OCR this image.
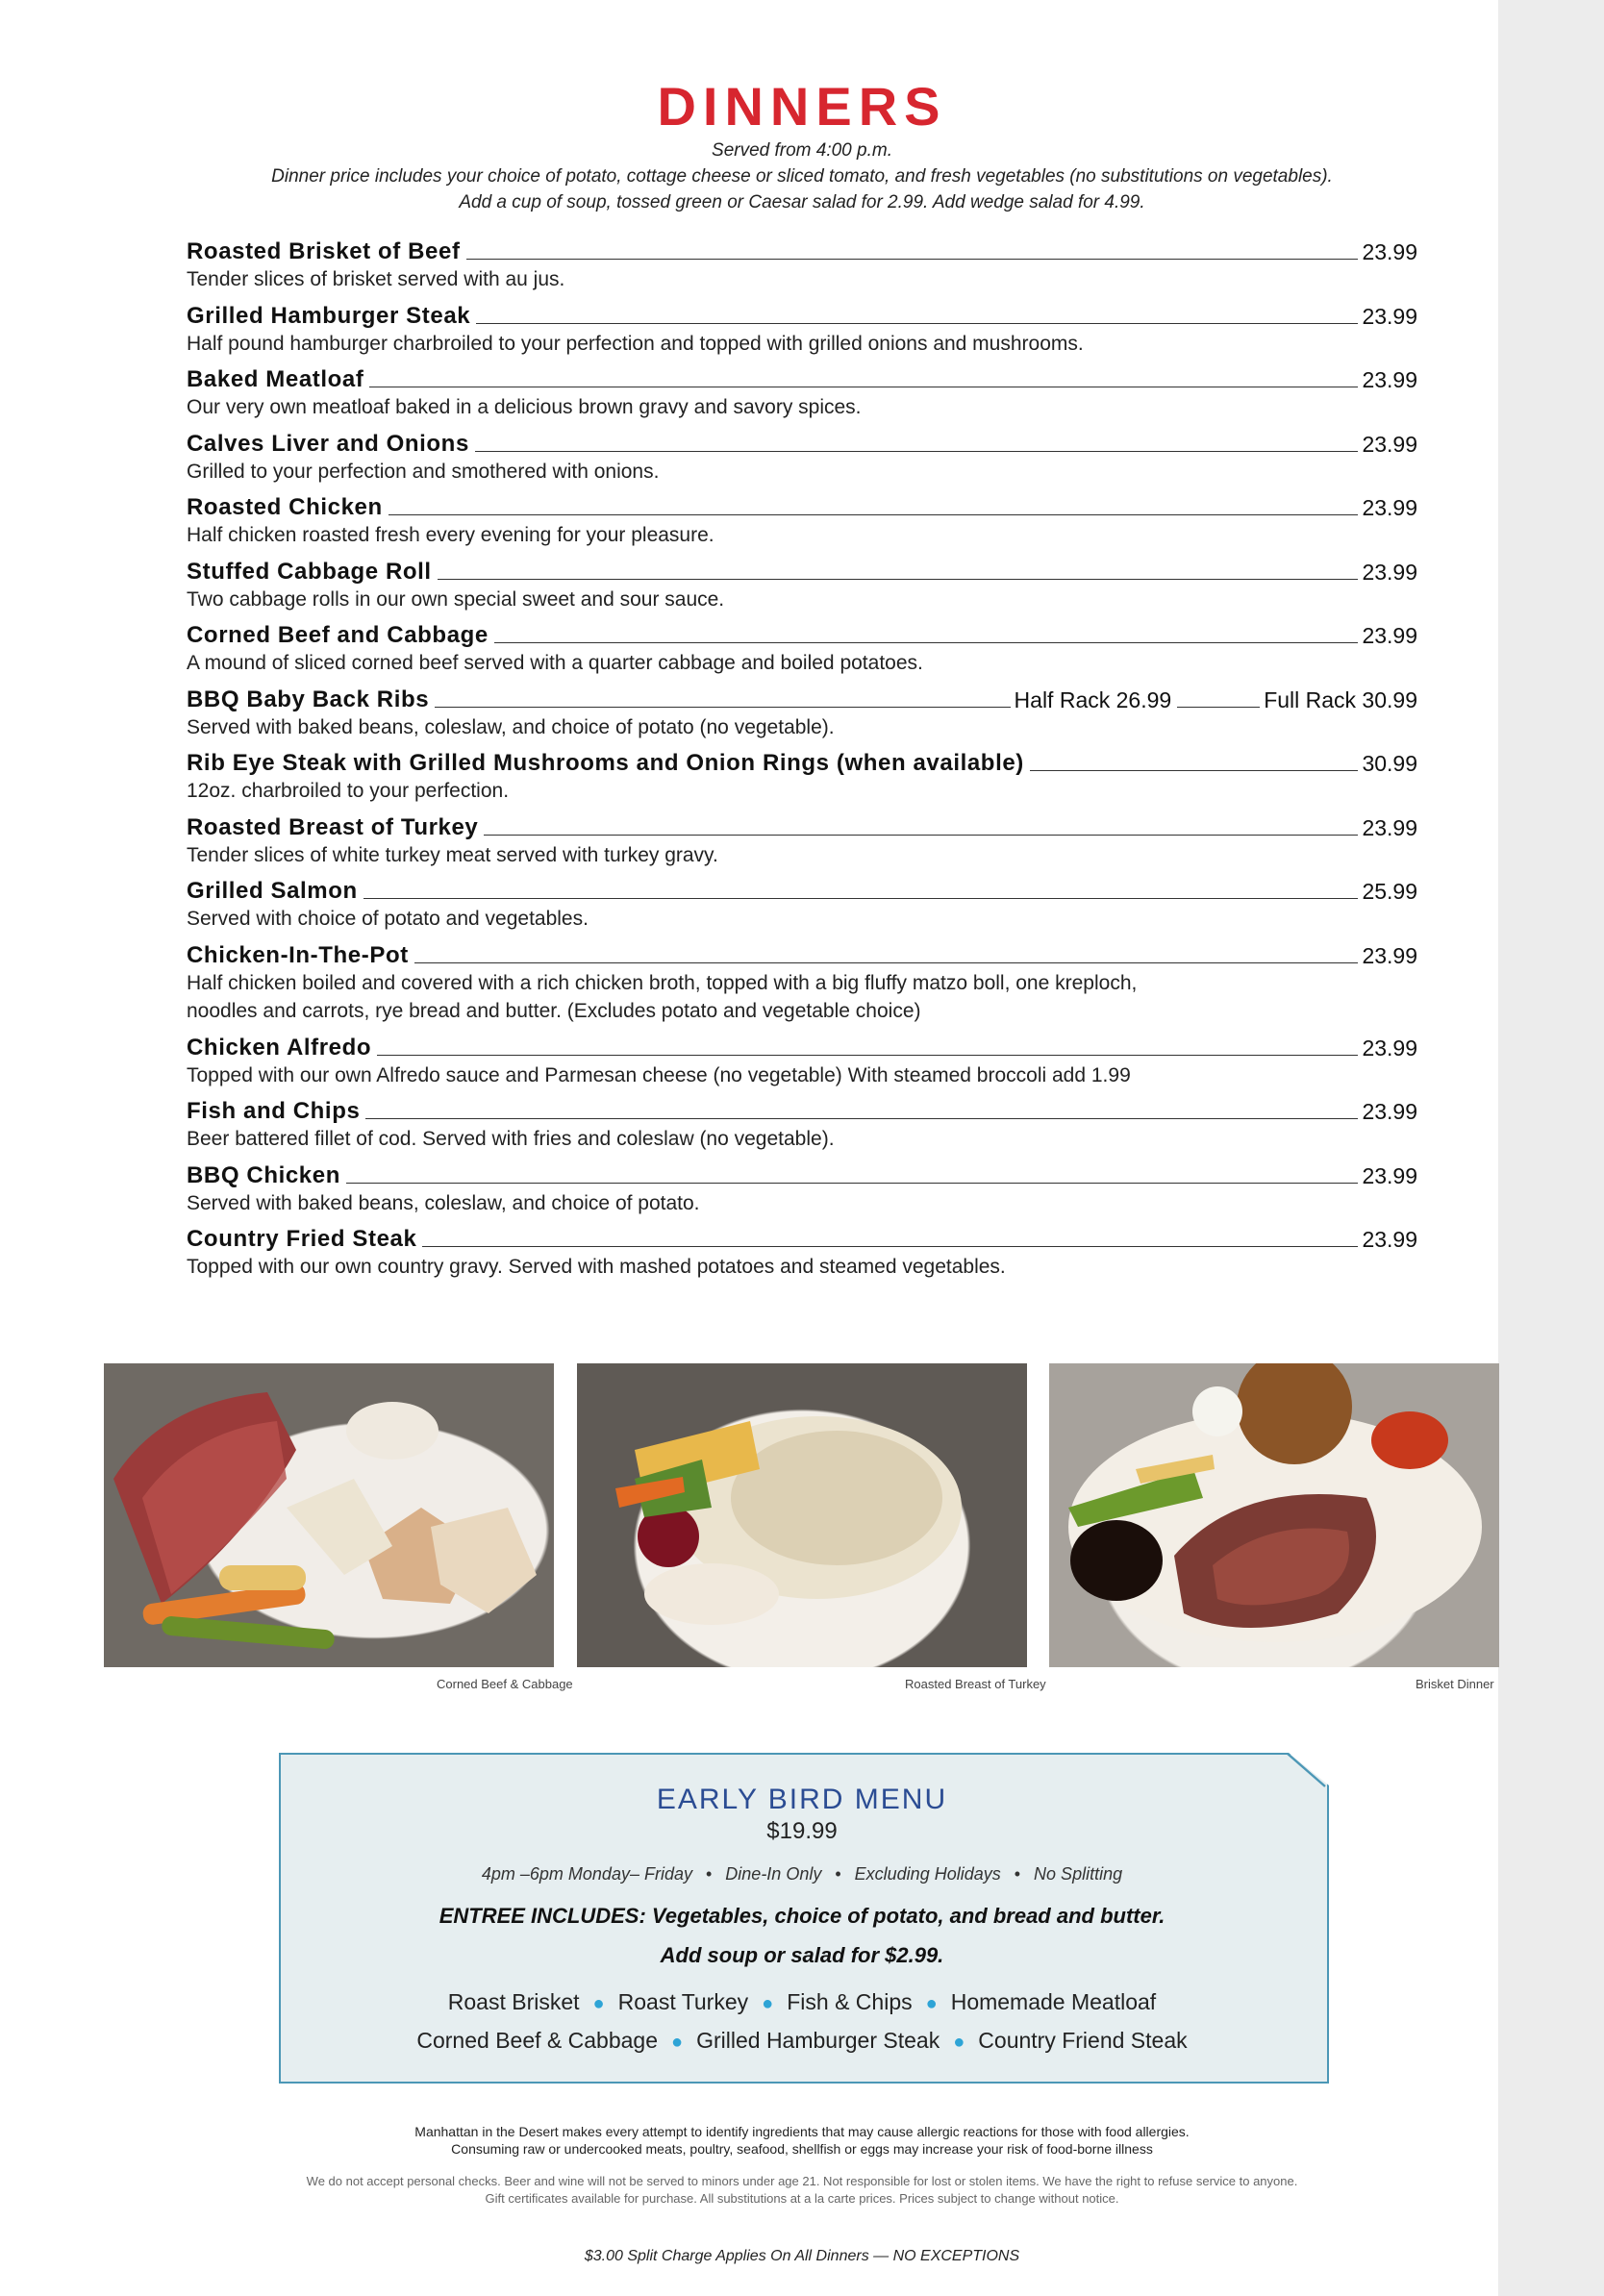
DINNERS
Served from 4:00 p.m.
Dinner price includes your choice of potato, cottage cheese or sliced tomato, and fresh vegetables (no substitutions on vegetables).
Add a cup of soup, tossed green or Caesar salad for 2.99. Add wedge salad for 4.99.
Roasted Brisket of Beef	23.99
Tender slices of brisket served with au jus.
Grilled Hamburger Steak	23.99
Half pound hamburger charbroiled to your perfection and topped with grilled onions and mushrooms.
Baked Meatloaf	23.99
Our very own meatloaf baked in a delicious brown gravy and savory spices.
Calves Liver and Onions	23.99
Grilled to your perfection and smothered with onions.
Roasted Chicken	23.99
Half chicken roasted fresh every evening for your pleasure.
Stuffed Cabbage Roll	23.99
Two cabbage rolls in our own special sweet and sour sauce.
Corned Beef and Cabbage	23.99
A mound of sliced corned beef served with a quarter cabbage and boiled potatoes.
BBQ Baby Back Ribs	Half Rack 26.99	Full Rack 30.99
Served with baked beans, coleslaw, and choice of potato (no vegetable).
Rib Eye Steak with Grilled Mushrooms and Onion Rings (when available)	30.99
12oz. charbroiled to your perfection.
Roasted Breast of Turkey	23.99
Tender slices of white turkey meat served with turkey gravy.
Grilled Salmon	25.99
Served with choice of potato and vegetables.
Chicken-In-The-Pot	23.99
Half chicken boiled and covered with a rich chicken broth, topped with a big fluffy matzo boll, one kreploch,
noodles and carrots, rye bread and butter. (Excludes potato and vegetable choice)
Chicken Alfredo	23.99
Topped with our own Alfredo sauce and Parmesan cheese (no vegetable) With steamed broccoli add 1.99
Fish and Chips	23.99
Beer battered fillet of cod. Served with fries and coleslaw (no vegetable).
BBQ Chicken	23.99
Served with baked beans, coleslaw, and choice of potato.
Country Fried Steak	23.99
Topped with our own country gravy. Served with mashed potatoes and steamed vegetables.
Corned Beef & Cabbage	Roasted Breast of Turkey	Brisket Dinner
EARLY BIRD MENU
$19.99
4pm –6pm Monday– Friday • Dine-In Only • Excluding Holidays • No Splitting
ENTREE INCLUDES: Vegetables, choice of potato, and bread and butter.
Add soup or salad for $2.99.
Roast Brisket ● Roast Turkey ● Fish & Chips ● Homemade Meatloaf
Corned Beef & Cabbage ● Grilled Hamburger Steak ● Country Friend Steak
Manhattan in the Desert makes every attempt to identify ingredients that may cause allergic reactions for those with food allergies.
Consuming raw or undercooked meats, poultry, seafood, shellfish or eggs may increase your risk of food-borne illness
We do not accept personal checks. Beer and wine will not be served to minors under age 21. Not responsible for lost or stolen items. We have the right to refuse service to anyone.
Gift certificates available for purchase. All substitutions at a la carte prices. Prices subject to change without notice.
$3.00 Split Charge Applies On All Dinners — NO EXCEPTIONS
